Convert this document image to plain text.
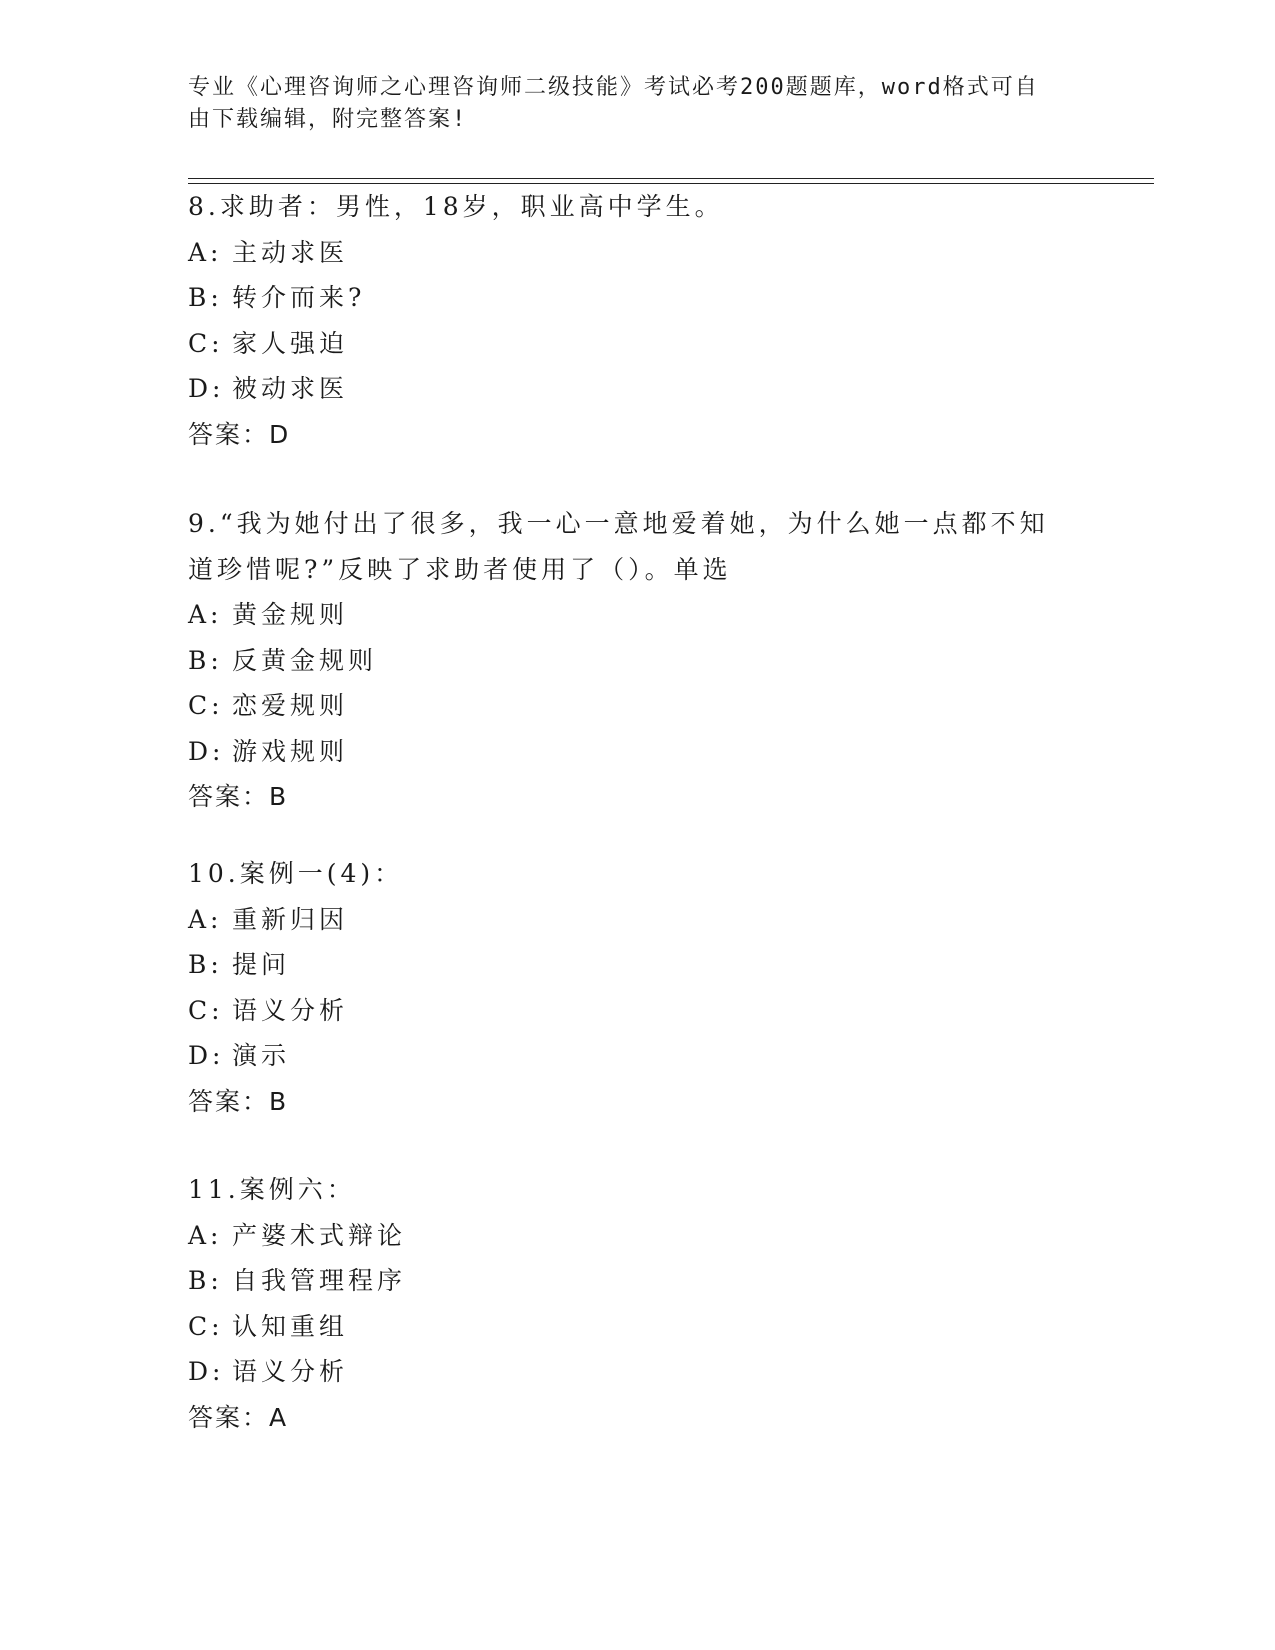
专业《心理咨询师之心理咨询师二级技能》考试必考200题题库，word格式可自
由下载编辑，附完整答案!
8.求助者：男性，18岁，职业高中学生。
A: 主动求医
B: 转介而来?
C: 家人强迫
D: 被动求医
答案：D
9.“我为她付出了很多，我一心一意地爱着她，为什么她一点都不知
道珍惜呢?”反映了求助者使用了（）。单选
A: 黄金规则
B: 反黄金规则
C: 恋爱规则
D: 游戏规则
答案：B
10.案例一(4)：
A: 重新归因
B: 提问
C: 语义分析
D: 演示
答案：B
11.案例六：
A: 产婆术式辩论
B: 自我管理程序
C: 认知重组
D: 语义分析
答案：A
